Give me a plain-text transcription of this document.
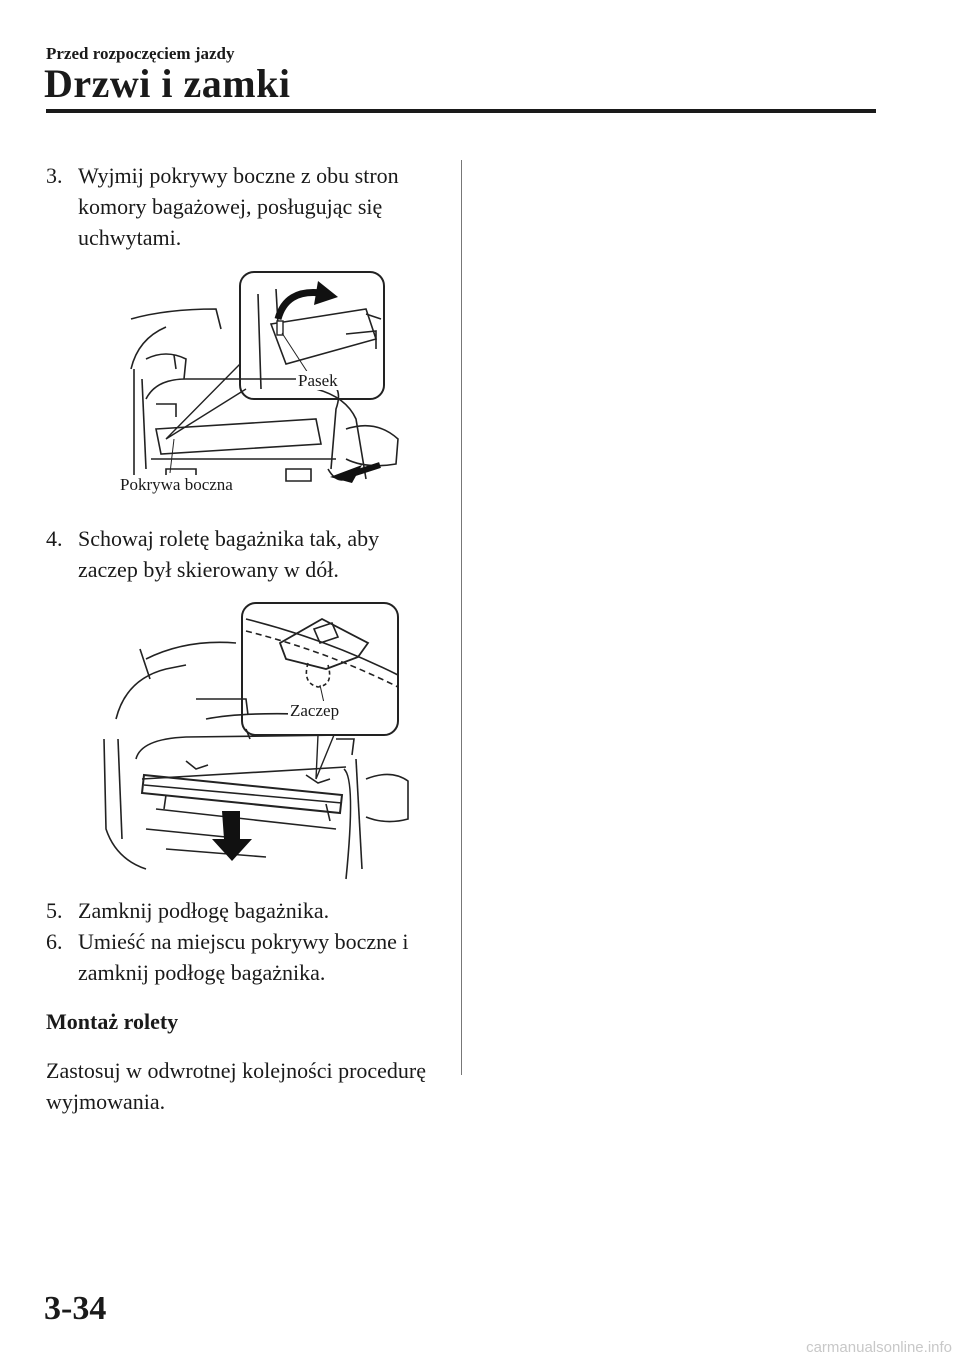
Przed rozpoczęciem jazdy
Drzwi i zamki
3. Wyjmij pokrywy boczne z obu stron komory bagażowej, posługując się uchwytami.
Pasek
Pokrywa boczna
4. Schowaj roletę bagażnika tak, aby zaczep był skierowany w dół.
Zaczep
5. Zamknij podłogę bagażnika.
6. Umieść na miejscu pokrywy boczne i zamknij podłogę bagażnika.
Montaż rolety
Zastosuj w odwrotnej kolejności procedurę wyjmowania.
3-34
carmanualsonline.info
